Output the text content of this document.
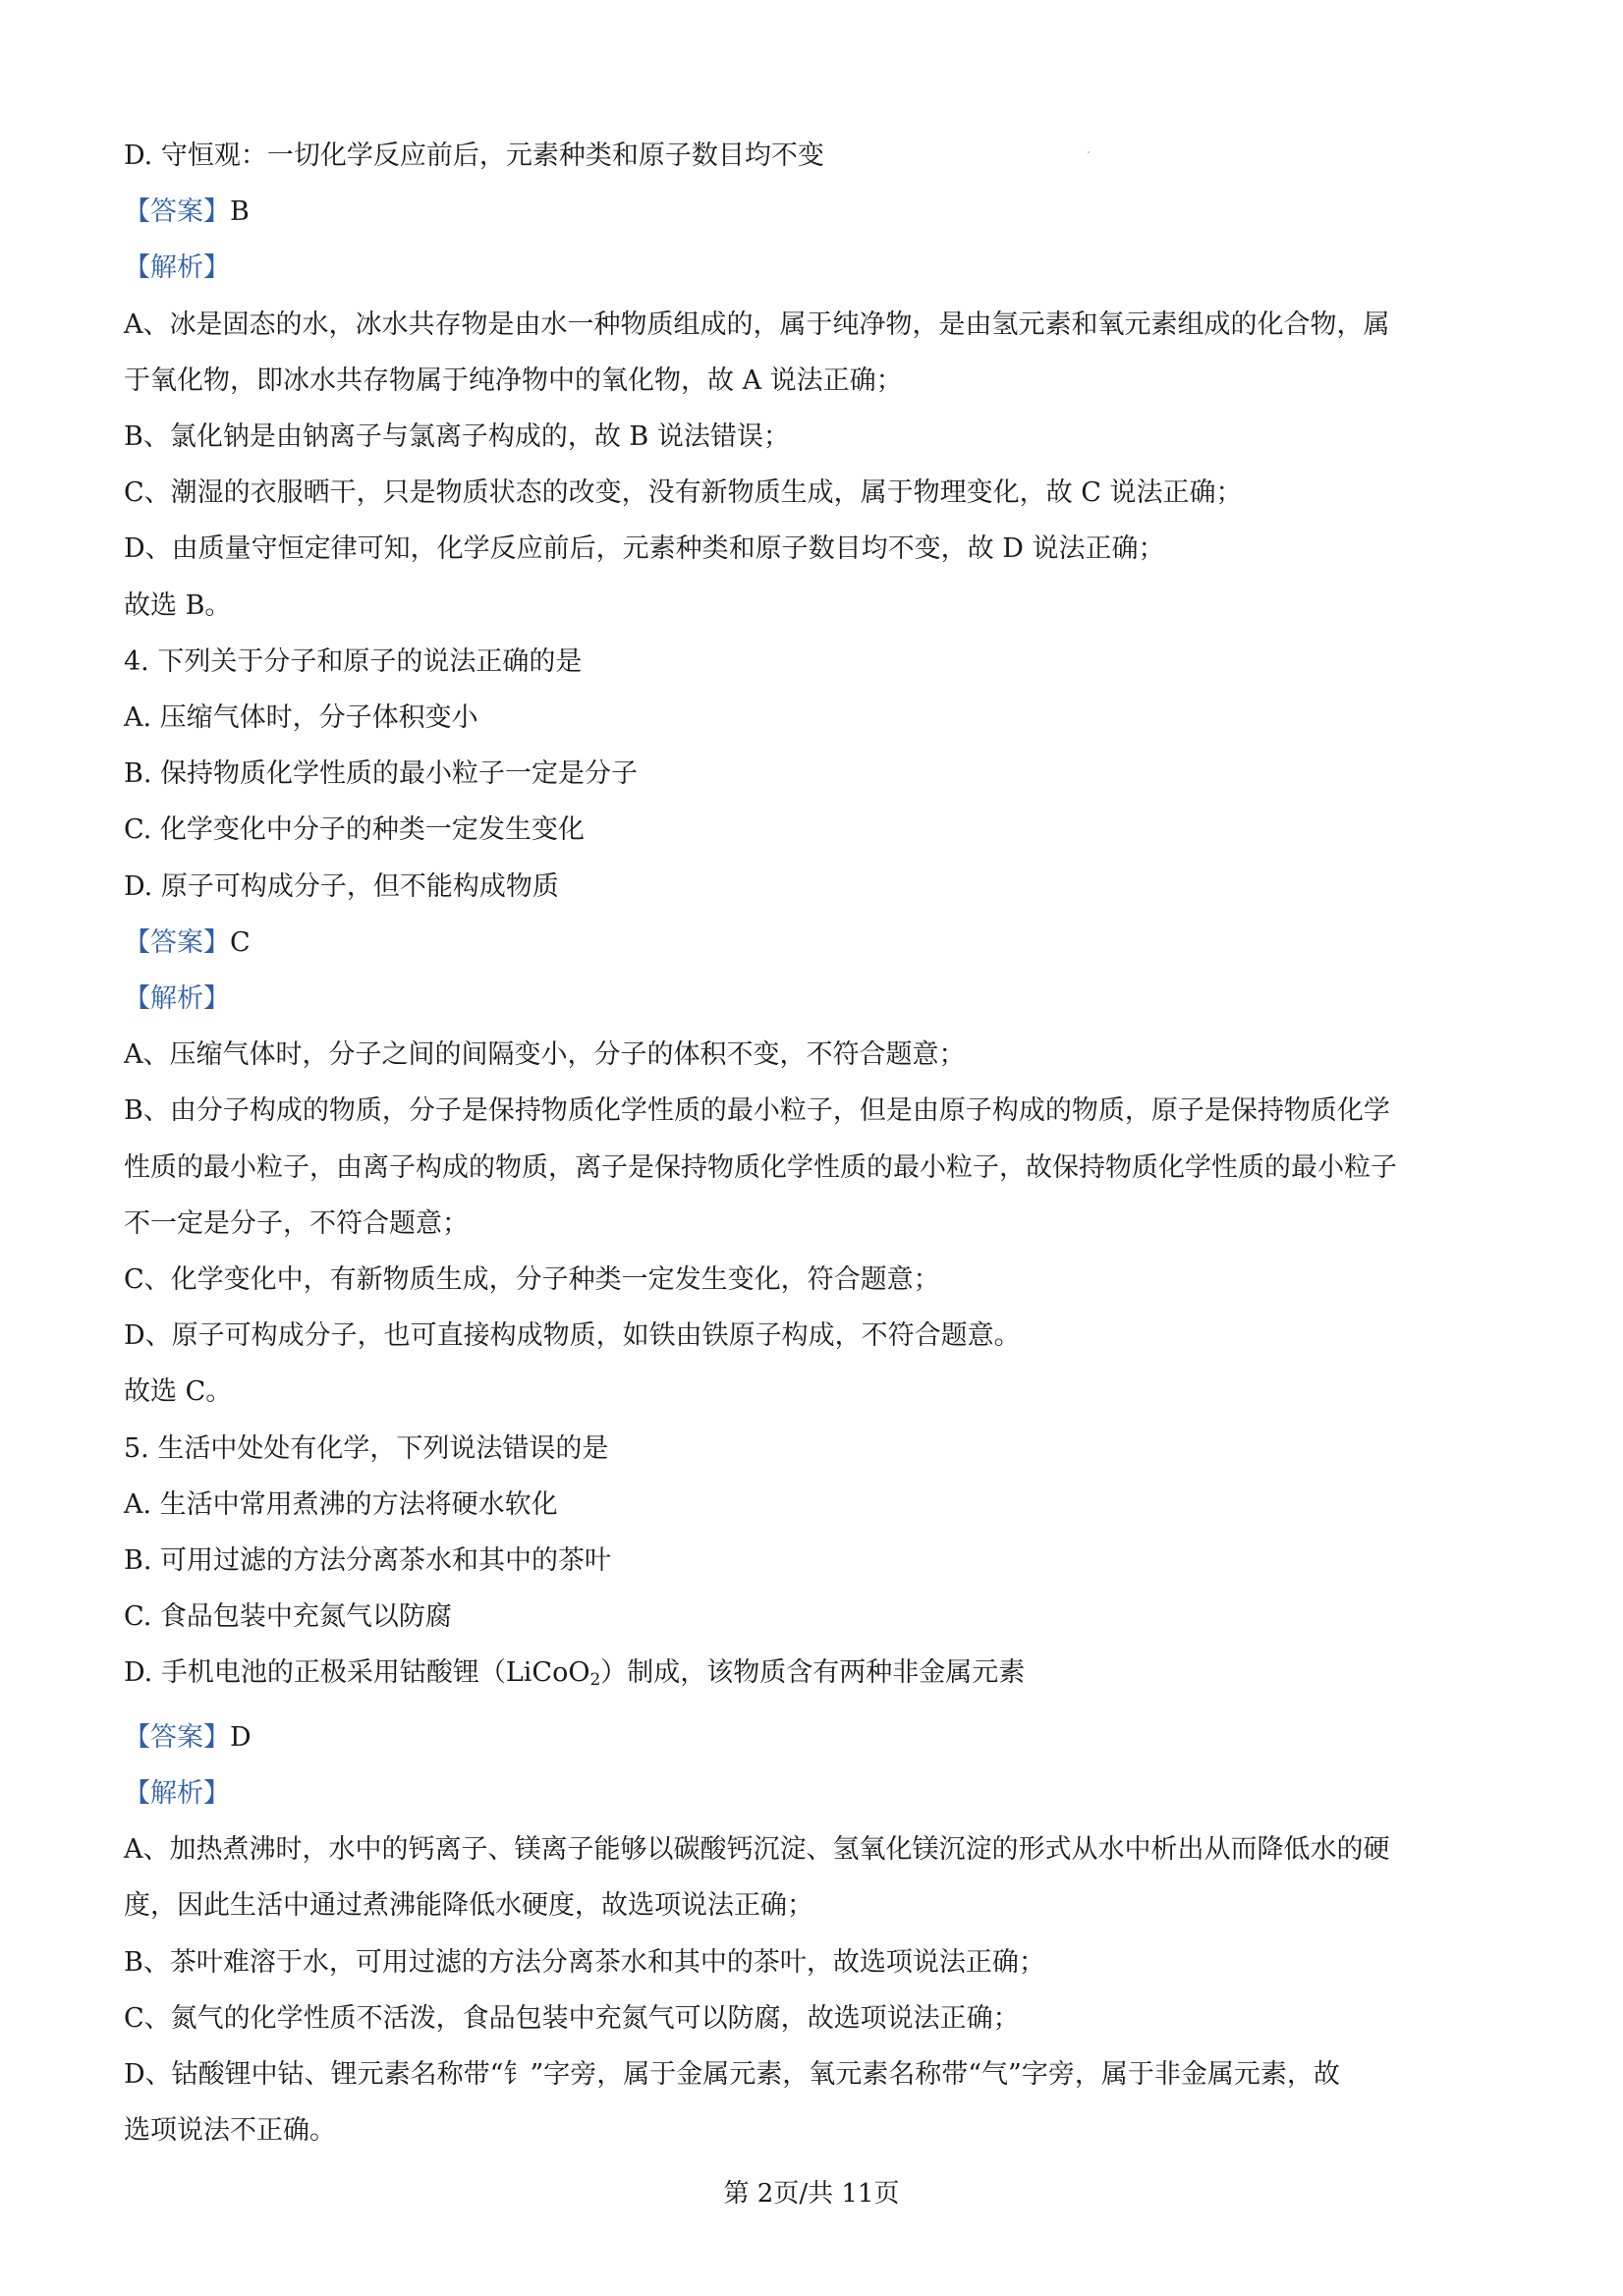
D. 守恒观：一切化学反应前后，元素种类和原子数目均不变
【答案】B
【解析】
A、冰是固态的水，冰水共存物是由水一种物质组成的，属于纯净物，是由氢元素和氧元素组成的化合物，属
于氧化物，即冰水共存物属于纯净物中的氧化物，故 A 说法正确；
B、氯化钠是由钠离子与氯离子构成的，故 B 说法错误；
C、潮湿的衣服晒干，只是物质状态的改变，没有新物质生成，属于物理变化，故 C 说法正确；
D、由质量守恒定律可知，化学反应前后，元素种类和原子数目均不变，故 D 说法正确；
故选 B。
4. 下列关于分子和原子的说法正确的是
A. 压缩气体时，分子体积变小
B. 保持物质化学性质的最小粒子一定是分子
C. 化学变化中分子的种类一定发生变化
D. 原子可构成分子，但不能构成物质
【答案】C
【解析】
A、压缩气体时，分子之间的间隔变小，分子的体积不变，不符合题意；
B、由分子构成的物质，分子是保持物质化学性质的最小粒子，但是由原子构成的物质，原子是保持物质化学
性质的最小粒子，由离子构成的物质，离子是保持物质化学性质的最小粒子，故保持物质化学性质的最小粒子
不一定是分子，不符合题意；
C、化学变化中，有新物质生成，分子种类一定发生变化，符合题意；
D、原子可构成分子，也可直接构成物质，如铁由铁原子构成，不符合题意。
故选 C。
5. 生活中处处有化学，下列说法错误的是
A. 生活中常用煮沸的方法将硬水软化
B. 可用过滤的方法分离茶水和其中的茶叶
C. 食品包装中充氮气以防腐
D. 手机电池的正极采用钴酸锂（LiCoO$_2$）制成，该物质含有两种非金属元素
【答案】D
【解析】
A、加热煮沸时，水中的钙离子、镁离子能够以碳酸钙沉淀、氢氧化镁沉淀的形式从水中析出从而降低水的硬
度，因此生活中通过煮沸能降低水硬度，故选项说法正确；
B、茶叶难溶于水，可用过滤的方法分离茶水和其中的茶叶，故选项说法正确；
C、氮气的化学性质不活泼，食品包装中充氮气可以防腐，故选项说法正确；
D、钴酸锂中钴、锂元素名称带“钅”字旁，属于金属元素，氧元素名称带“气”字旁，属于非金属元素，故
选项说法不正确。
第 2页/共 11页
